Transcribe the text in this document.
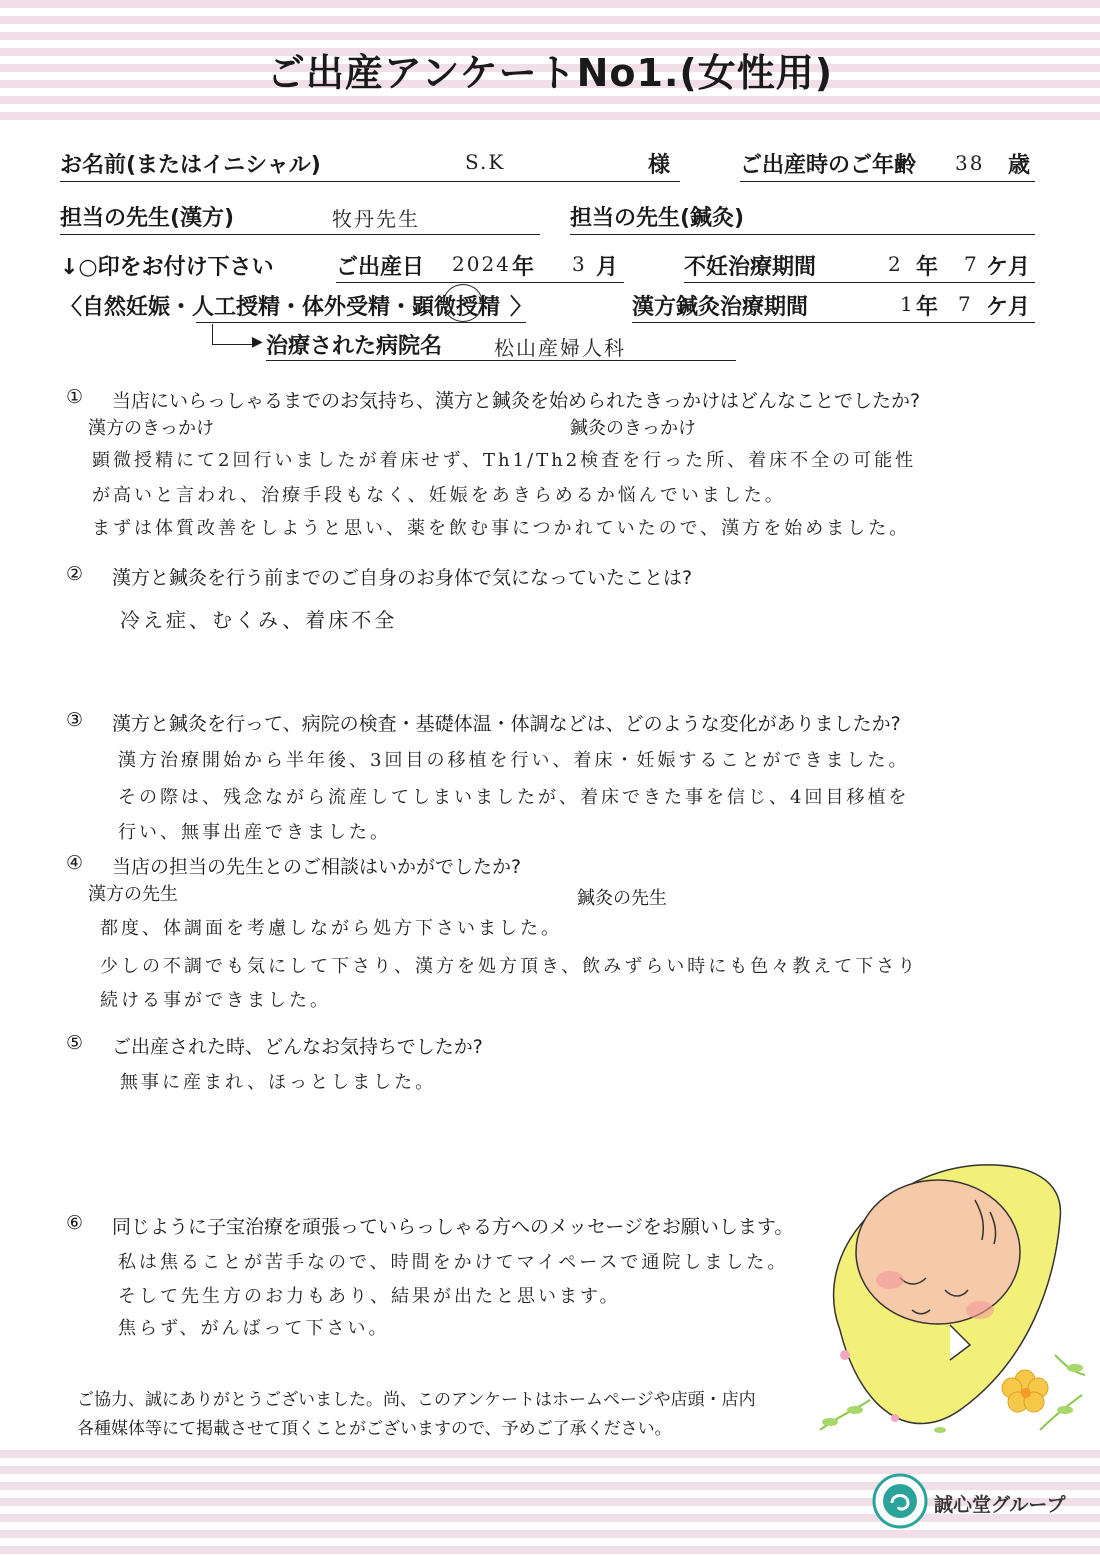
ご出産アンケートNo1.(女性用)
お名前(またはイニシャル)	S.K	様	ご出産時のご年齢 38 歳
担当の先生(漢方)	牧丹先生	担当の先生(鍼灸)
↓○印をお付け下さい	ご出産日 2024 年 3 月	不妊治療期間	2 年 7 ケ月
〈 自然妊娠・人工授精・体外受精・顕微授精 〉	漢方鍼灸治療期間	1 年 7 ケ月
▶ 治療された病院名	松山産婦人科
① 当店にいらっしゃるまでのお気持ち、漢方と鍼灸を始められたきっかけはどんなことでしたか?
漢方のきっかけ	鍼灸のきっかけ
顕微授精にて2回行いましたが着床せず、Th1/Th2検査を行った所、着床不全の可能性
が高いと言われ、治療手段もなく、妊娠をあきらめるか悩んでいました。
まずは体質改善をしようと思い、薬を飲む事につかれていたので、漢方を始めました。
② 漢方と鍼灸を行う前までのご自身のお身体で気になっていたことは?
冷え症、むくみ、着床不全
③ 漢方と鍼灸を行って、病院の検査・基礎体温・体調などは、どのような変化がありましたか?
漢方治療開始から半年後、3回目の移植を行い、着床・妊娠することができました。
その際は、残念ながら流産してしまいましたが、着床できた事を信じ、4回目移植を
行い、無事出産できました。
④ 当店の担当の先生とのご相談はいかがでしたか?
漢方の先生	鍼灸の先生
都度、体調面を考慮しながら処方下さいました。
少しの不調でも気にして下さり、漢方を処方頂き、飲みずらい時にも色々教えて下さり
続ける事ができました。
⑤ ご出産された時、どんなお気持ちでしたか?
無事に産まれ、ほっとしました。
⑥ 同じように子宝治療を頑張っていらっしゃる方へのメッセージをお願いします。
私は焦ることが苦手なので、時間をかけてマイペースで通院しました。
そして先生方のお力もあり、結果が出たと思います。
焦らず、がんばって下さい。
ご協力、誠にありがとうございました。尚、このアンケートはホームページや店頭・店内
各種媒体等にて掲載させて頂くことがございますので、予めご了承ください。
誠心堂グループ
